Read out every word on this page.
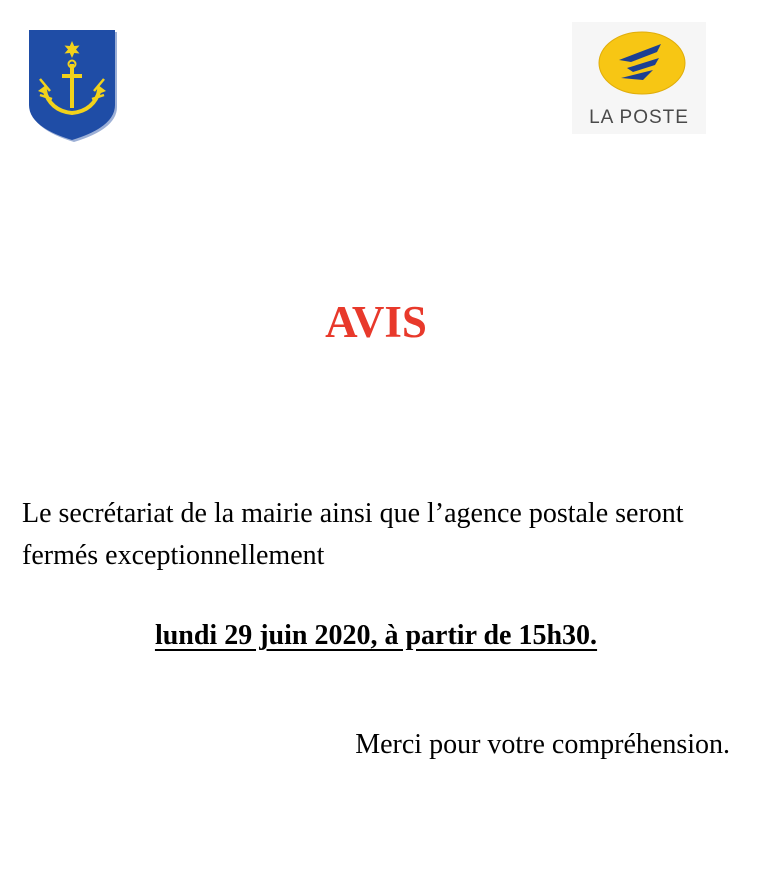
LA POSTE
AVIS
Le secrétariat de la mairie ainsi que l’agence postale seront fermés exceptionnellement
lundi 29 juin 2020, à partir de 15h30.
Merci pour votre compréhension.
